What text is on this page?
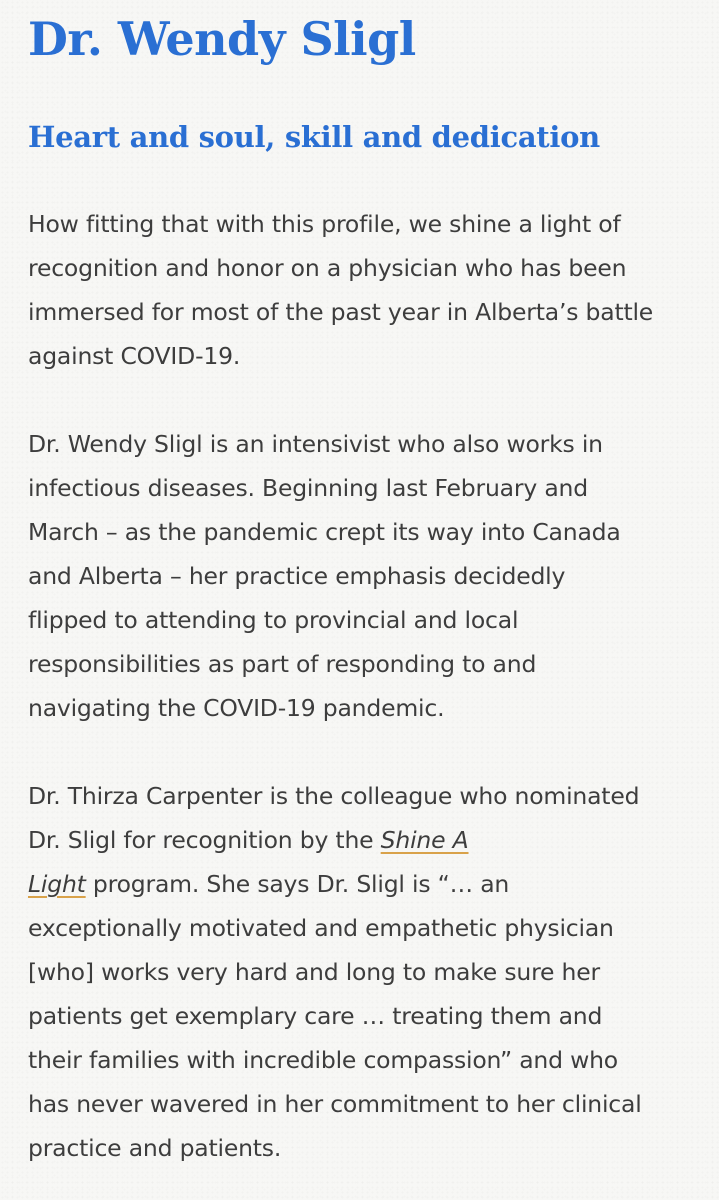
Dr. Wendy Sligl
Heart and soul, skill and dedication

How fitting that with this profile, we shine a light of
recognition and honor on a physician who has been
immersed for most of the past year in Alberta’s battle
against COVID-19.

Dr. Wendy Sligl is an intensivist who also works in
infectious diseases. Beginning last February and
March – as the pandemic crept its way into Canada
and Alberta – her practice emphasis decidedly
flipped to attending to provincial and local
responsibilities as part of responding to and
navigating the COVID-19 pandemic.

Dr. Thirza Carpenter is the colleague who nominated
Dr. Sligl for recognition by the Shine A
Light program. She says Dr. Sligl is “… an
exceptionally motivated and empathetic physician
[who] works very hard and long to make sure her
patients get exemplary care … treating them and
their families with incredible compassion” and who
has never wavered in her commitment to her clinical
practice and patients.
